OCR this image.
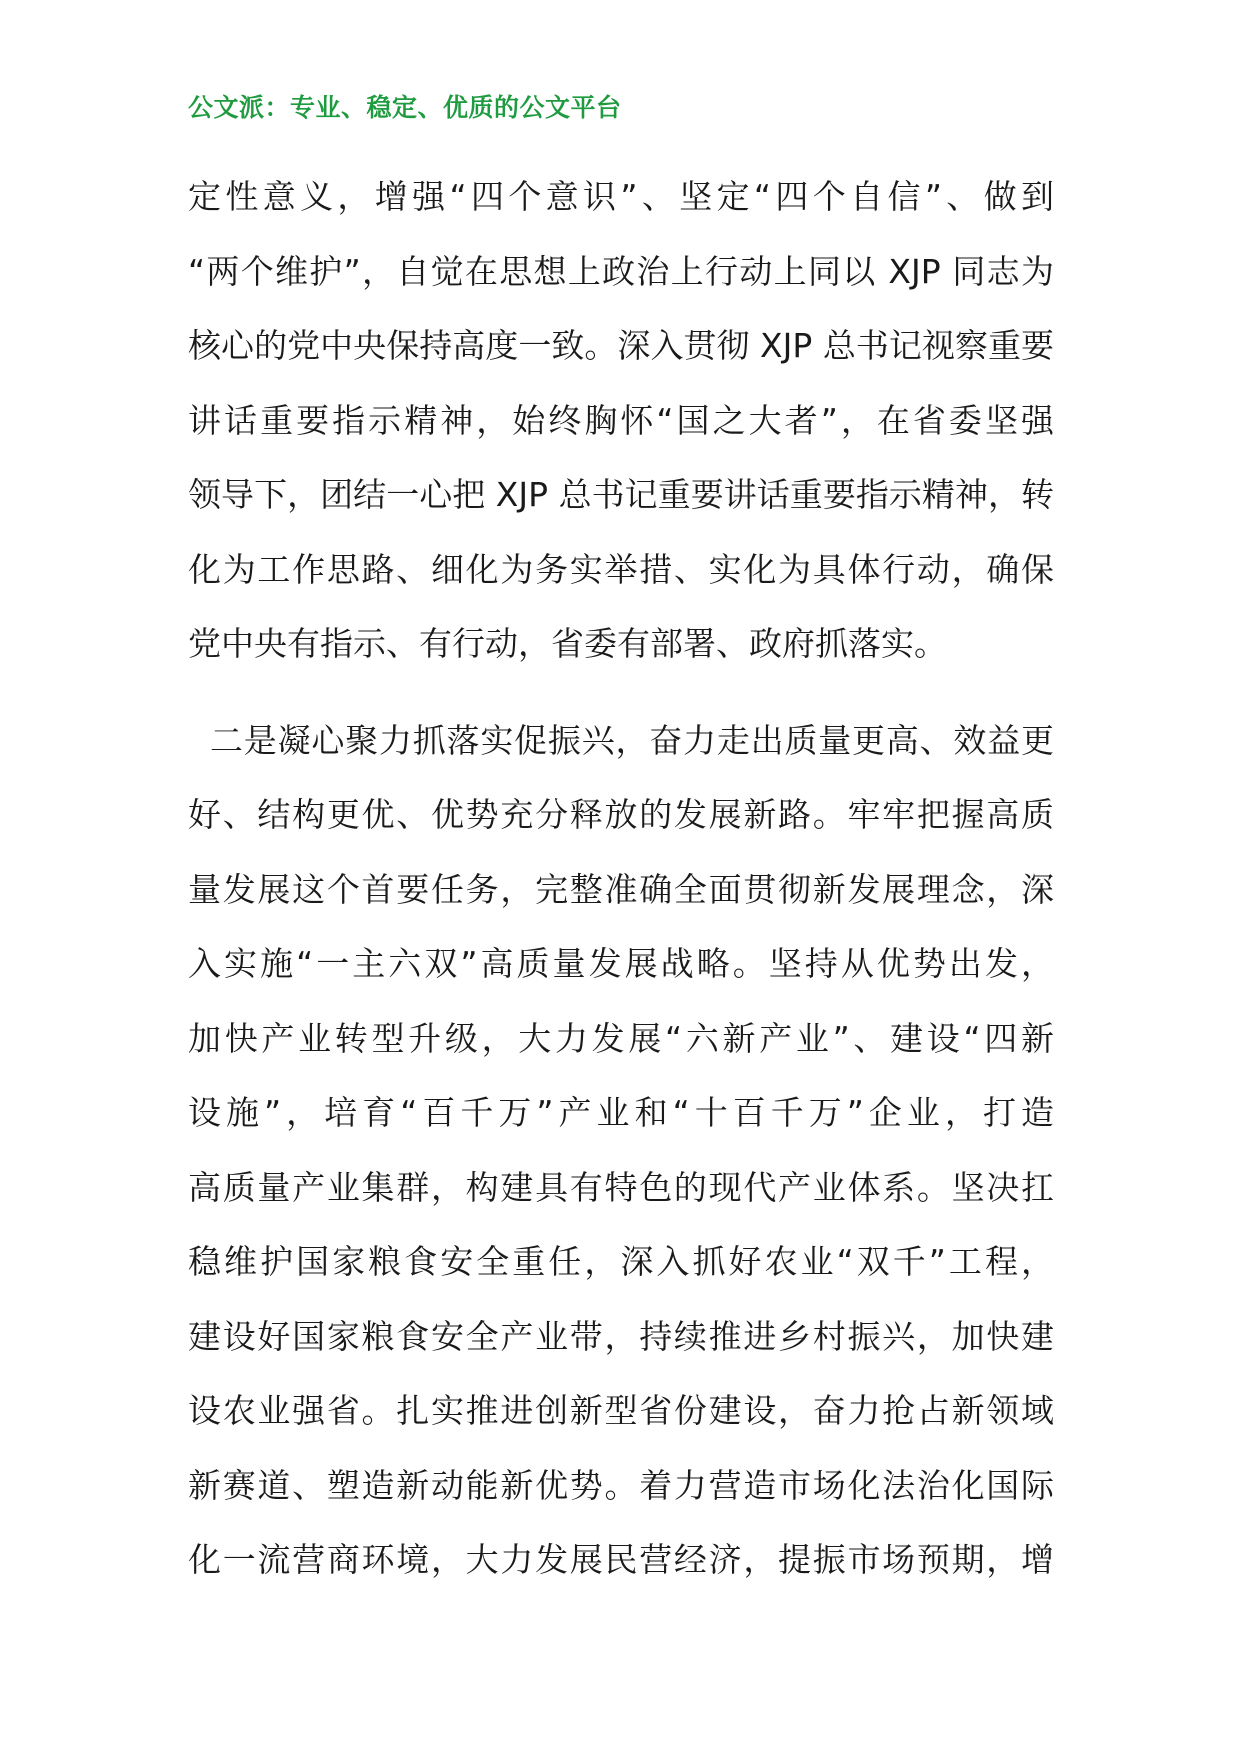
公文派：专业、稳定、优质的公文平台
定性意义，增强“四个意识”、坚定“四个自信”、做到
“两个维护”，自觉在思想上政治上行动上同以 XJP 同志为
核心的党中央保持高度一致。深入贯彻 XJP 总书记视察重要
讲话重要指示精神，始终胸怀“国之大者”，在省委坚强
领导下，团结一心把 XJP 总书记重要讲话重要指示精神，转
化为工作思路、细化为务实举措、实化为具体行动，确保
党中央有指示、有行动，省委有部署、政府抓落实。
二是凝心聚力抓落实促振兴，奋力走出质量更高、效益更
好、结构更优、优势充分释放的发展新路。牢牢把握高质
量发展这个首要任务，完整准确全面贯彻新发展理念，深
入实施“一主六双”高质量发展战略。坚持从优势出发，
加快产业转型升级，大力发展“六新产业”、建设“四新
设施”，培育“百千万”产业和“十百千万”企业，打造
高质量产业集群，构建具有特色的现代产业体系。坚决扛
稳维护国家粮食安全重任，深入抓好农业“双千”工程，
建设好国家粮食安全产业带，持续推进乡村振兴，加快建
设农业强省。扎实推进创新型省份建设，奋力抢占新领域
新赛道、塑造新动能新优势。着力营造市场化法治化国际
化一流营商环境，大力发展民营经济，提振市场预期，增
